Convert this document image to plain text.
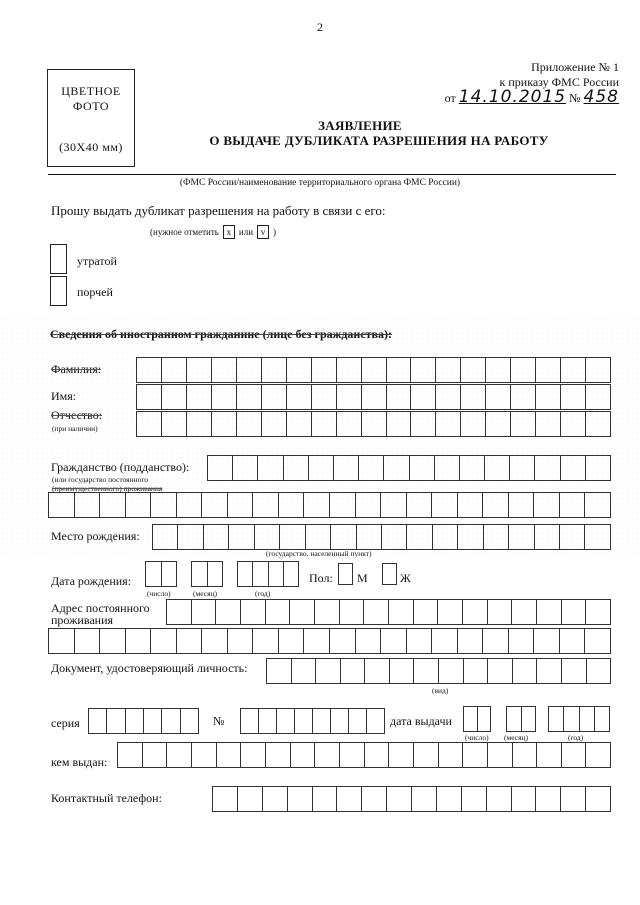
2
ЦВЕТНОЕ
ФОТО
(30X40 мм)
Приложение № 1
к приказу ФМС России
от 14.10.2015 № 458
ЗАЯВЛЕНИЕ
О ВЫДАЧЕ ДУБЛИКАТА РАЗРЕШЕНИЯ НА РАБОТУ
(ФМС России/наименование территориального органа ФМС России)
Прошу выдать дубликат разрешения на работу в связи с его:
(нужное отметить x или v )
утратой
порчей
Сведения об иностранном гражданине (лице без гражданства):
Фамилия:
Имя:
Отчество:
(при наличии)
Гражданство (подданство):
(или государство постоянного
(преимущественного) проживания
Место рождения:
(государство, населенный пункт)
Дата рождения:
(число)	(месяц)	(год)
Пол: М	Ж
Адрес постоянного
проживания
Документ, удостоверяющий личность:
(вид)
серия	№	дата выдачи
(число) (месяц)	(год)
кем выдан:
Контактный телефон:
